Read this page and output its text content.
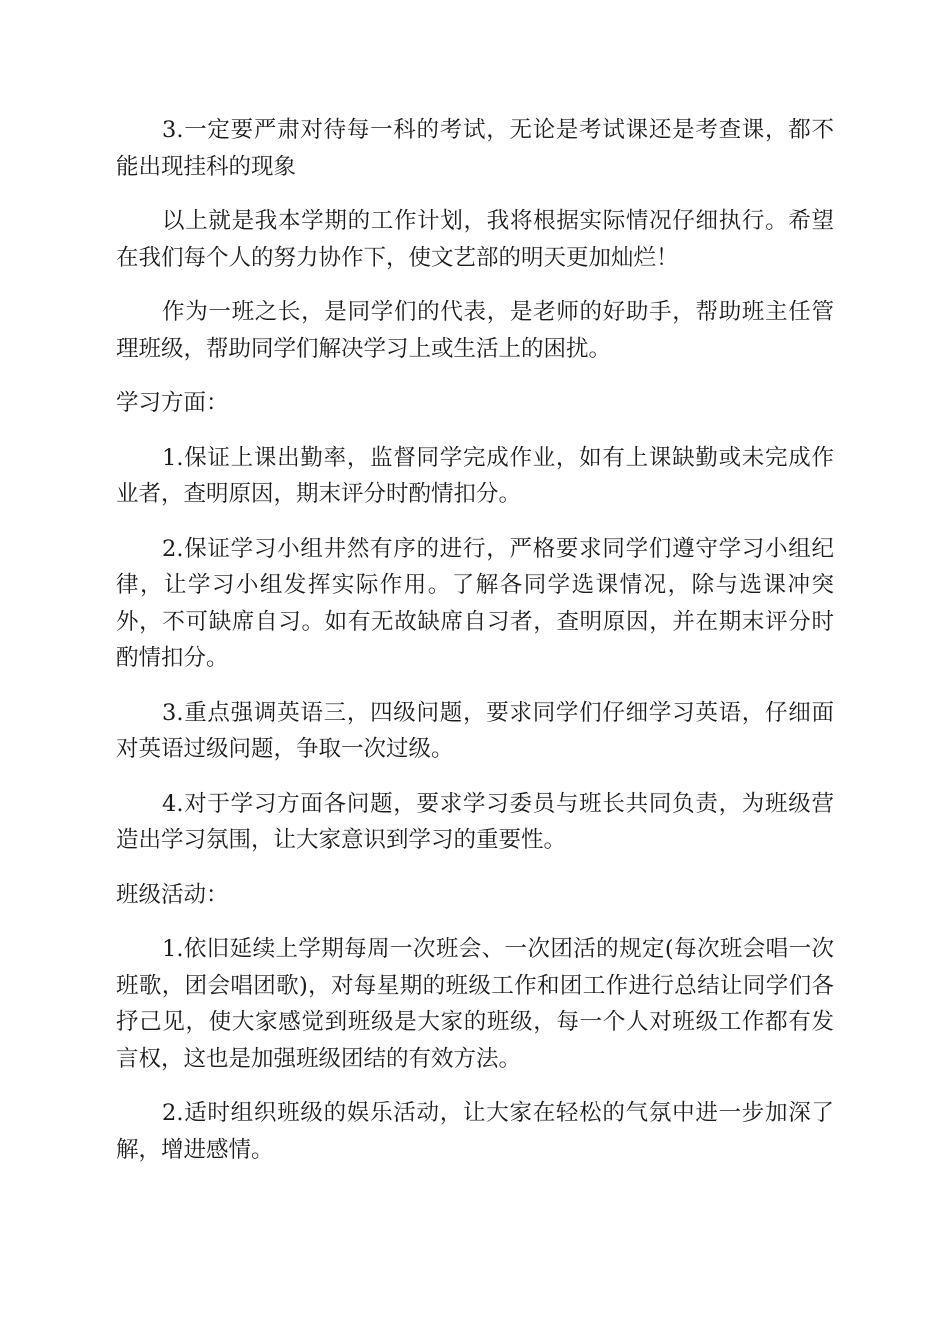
3.一定要严肃对待每一科的考试，无论是考试课还是考查课，都不能出现挂科的现象

以上就是我本学期的工作计划，我将根据实际情况仔细执行。希望在我们每个人的努力协作下，使文艺部的明天更加灿烂！

作为一班之长，是同学们的代表，是老师的好助手，帮助班主任管理班级，帮助同学们解决学习上或生活上的困扰。

学习方面：

1.保证上课出勤率，监督同学完成作业，如有上课缺勤或未完成作业者，查明原因，期末评分时酌情扣分。

2.保证学习小组井然有序的进行，严格要求同学们遵守学习小组纪律，让学习小组发挥实际作用。了解各同学选课情况，除与选课冲突外，不可缺席自习。如有无故缺席自习者，查明原因，并在期末评分时酌情扣分。

3.重点强调英语三，四级问题，要求同学们仔细学习英语，仔细面对英语过级问题，争取一次过级。

4.对于学习方面各问题，要求学习委员与班长共同负责，为班级营造出学习氛围，让大家意识到学习的重要性。

班级活动：

1.依旧延续上学期每周一次班会、一次团活的规定(每次班会唱一次班歌，团会唱团歌)，对每星期的班级工作和团工作进行总结让同学们各抒己见，使大家感觉到班级是大家的班级，每一个人对班级工作都有发言权，这也是加强班级团结的有效方法。

2.适时组织班级的娱乐活动，让大家在轻松的气氛中进一步加深了解，增进感情。
